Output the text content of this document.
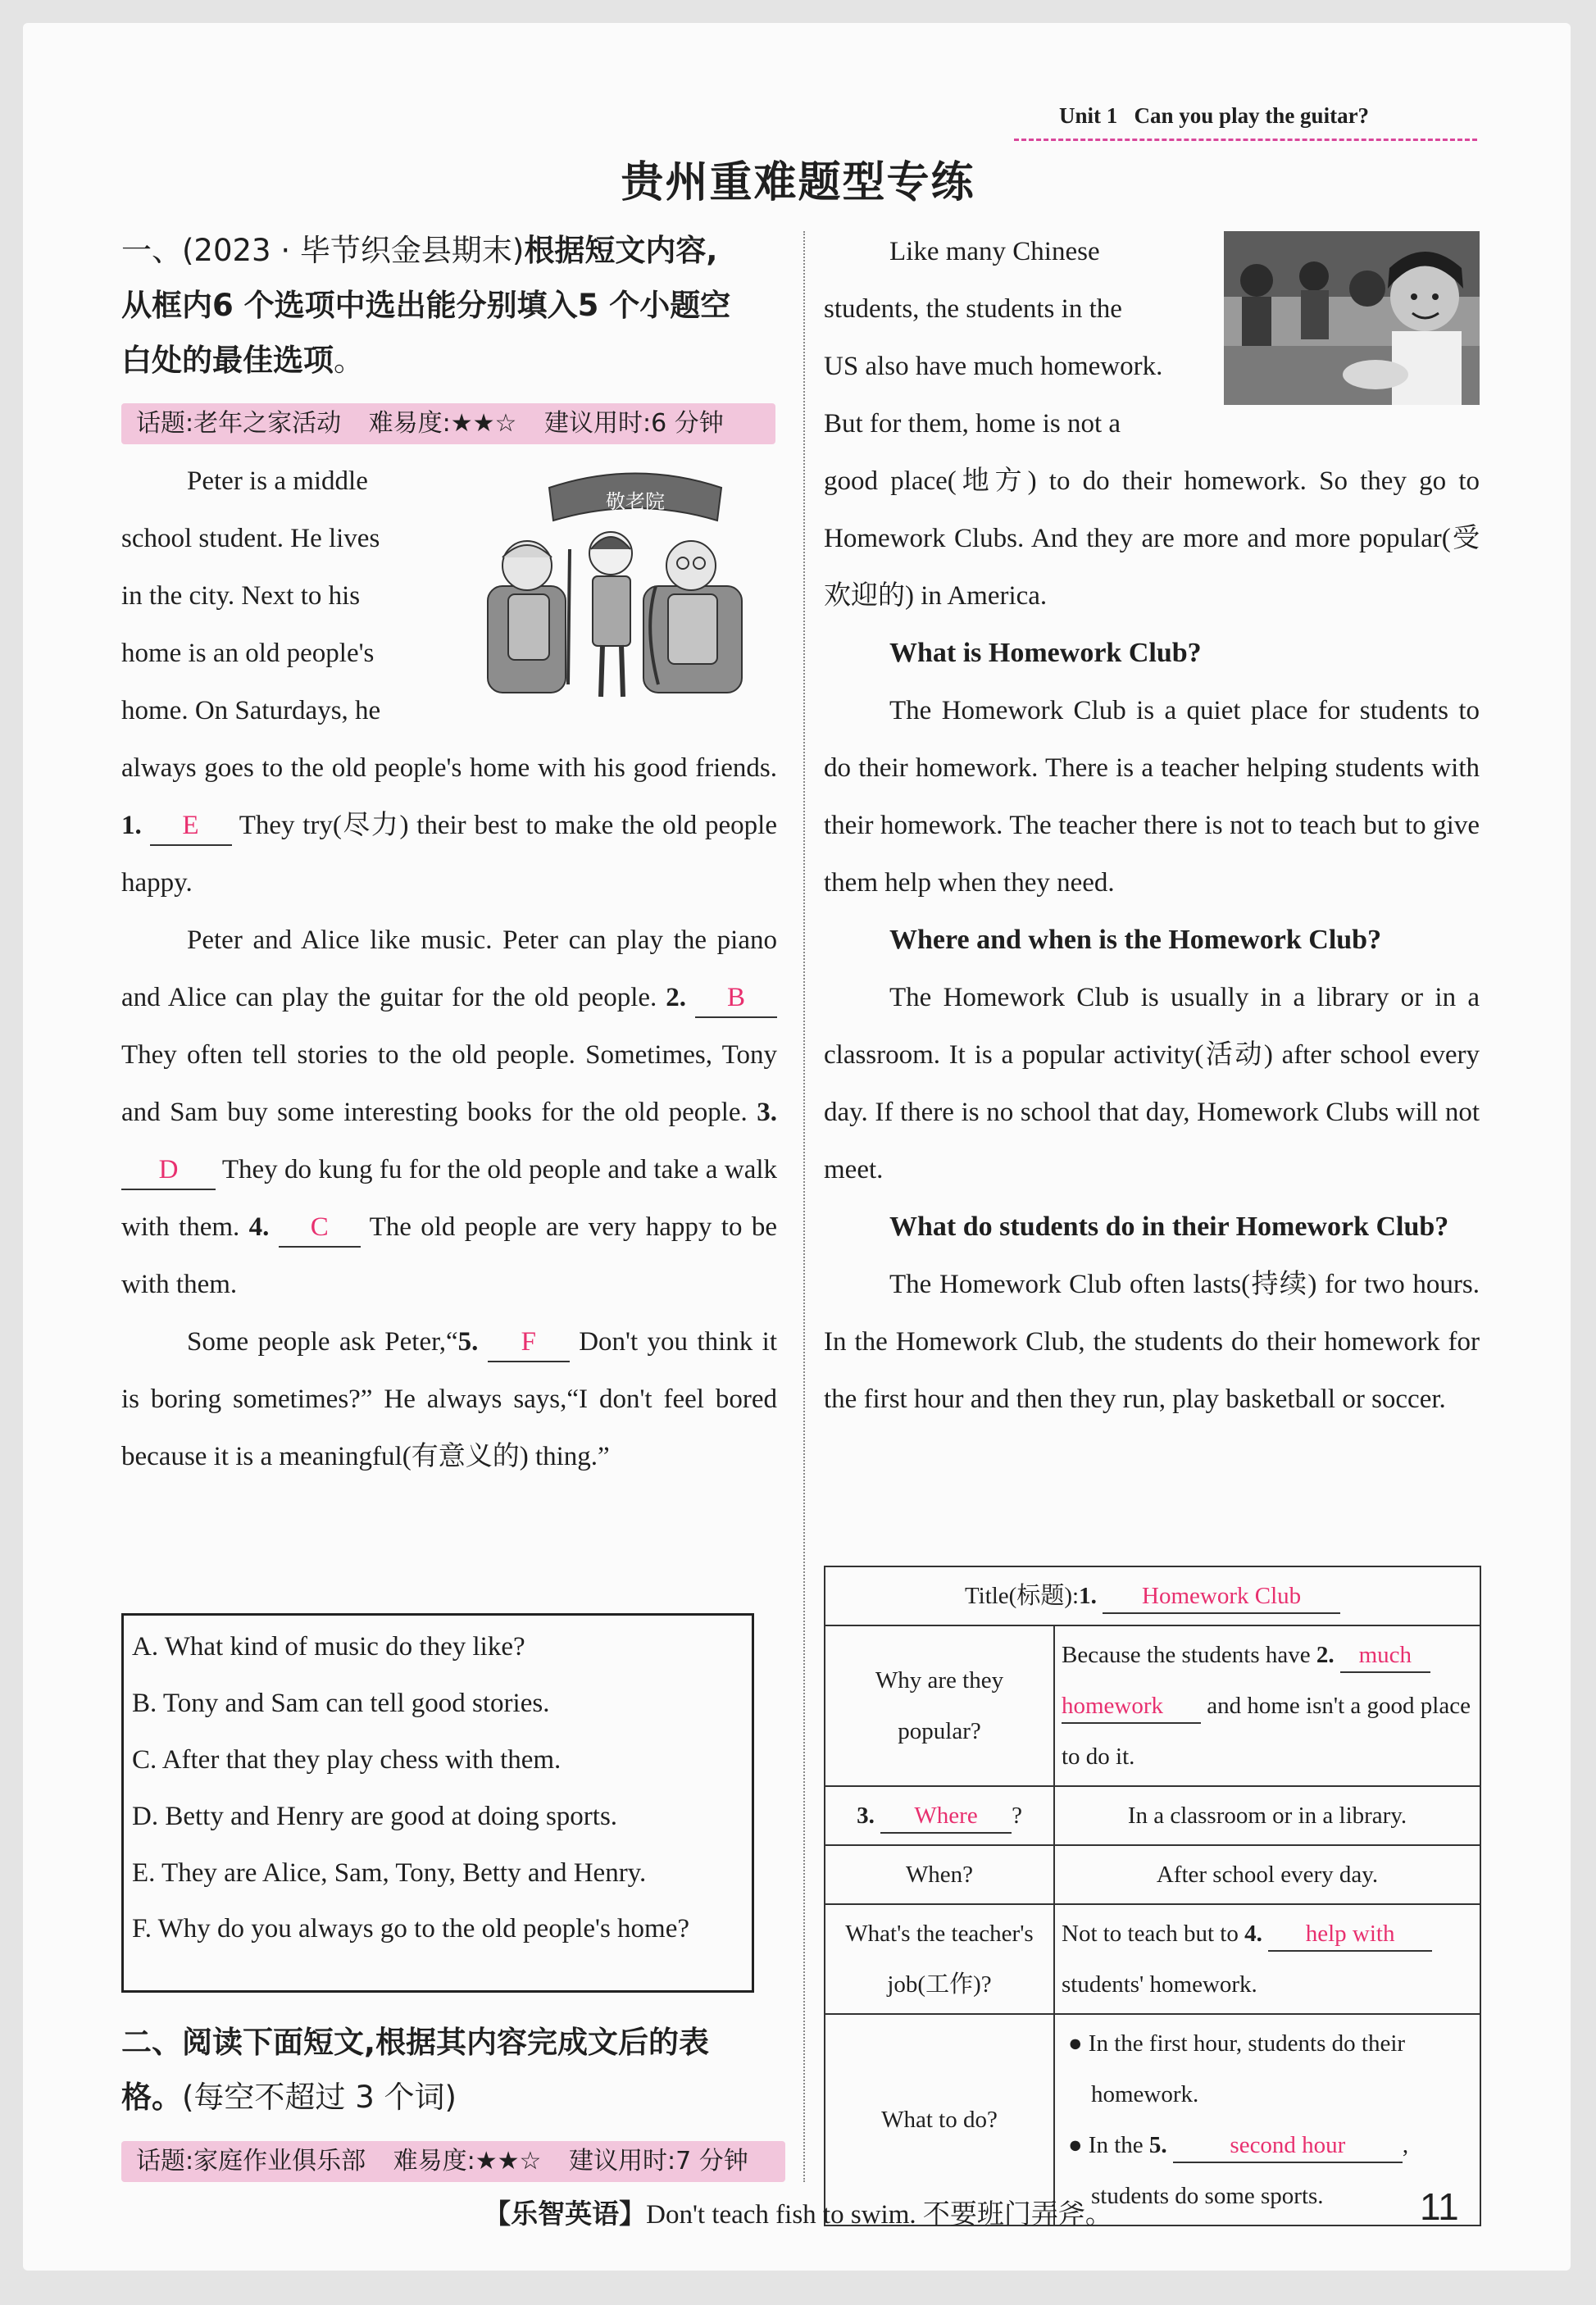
Unit 1 Can you play the guitar?
贵州重难题型专练
一、(2023 · 毕节织金县期末)根据短文内容,
从框内6 个选项中选出能分别填入5 个小题空
白处的最佳选项。
话题:老年之家活动 难易度:★★☆ 建议用时:6 分钟
Peter is a middle
school student. He lives
in the city. Next to his
home is an old people's
home. On Saturdays, he
敬老院
always goes to the old people's home with his good friends. 1. E They try(尽力) their best to make the old people happy.
Peter and Alice like music. Peter can play the piano and Alice can play the guitar for the old people. 2. B They often tell stories to the old people. Sometimes, Tony and Sam buy some interesting books for the old people. 3. D They do kung fu for the old people and take a walk with them. 4. C The old people are very happy to be with them.
Some people ask Peter,“5. F Don't you think it is boring sometimes?” He always says,“I don't feel bored because it is a meaningful(有意义的) thing.”
A. What kind of music do they like?
B. Tony and Sam can tell good stories.
C. After that they play chess with them.
D. Betty and Henry are good at doing sports.
E. They are Alice, Sam, Tony, Betty and Henry.
F. Why do you always go to the old people's home?
二、阅读下面短文,根据其内容完成文后的表
格。(每空不超过 3 个词)
话题:家庭作业俱乐部 难易度:★★☆ 建议用时:7 分钟
Like many Chinese
students, the students in the
US also have much homework.
But for them, home is not a
good place(地方) to do their homework. So they go to Homework Clubs. And they are more and more popular(受欢迎的) in America.
What is Homework Club?
The Homework Club is a quiet place for students to do their homework. There is a teacher helping students with their homework. The teacher there is not to teach but to give them help when they need.
Where and when is the Homework Club?
The Homework Club is usually in a library or in a classroom. It is a popular activity(活动) after school every day. If there is no school that day, Homework Clubs will not meet.
What do students do in their Homework Club?
The Homework Club often lasts(持续) for two hours. In the Homework Club, the students do their homework for the first hour and then they run, play basketball or soccer.
Title(标题):1. Homework Club	
Why are they popular?	Because the students have 2. much homework and home isn't a good place to do it.
3. Where ?	In a classroom or in a library.
When?	After school every day.
What's the teacher's job(工作)?	Not to teach but to 4. help with students' homework.
What to do?	● In the first hour, students do their homework.
● In the 5. second hour , students do some sports.
【乐智英语】Don't teach fish to swim. 不要班门弄斧。	11
